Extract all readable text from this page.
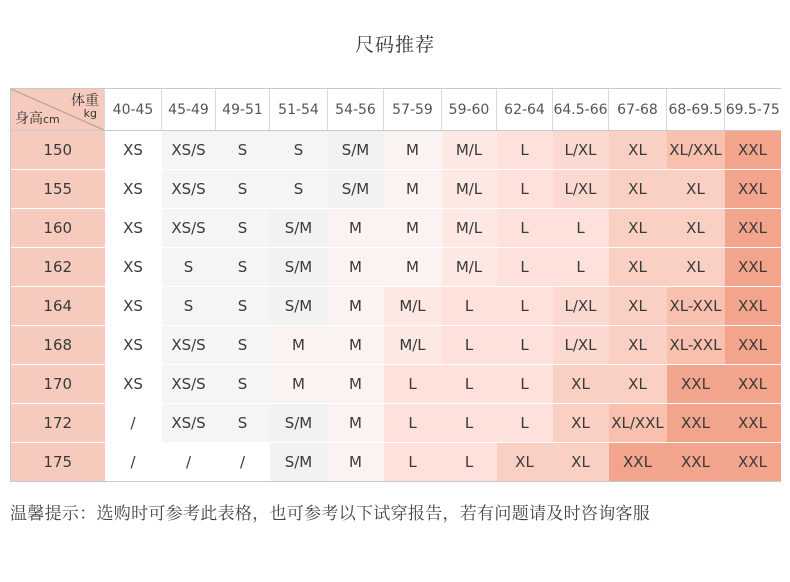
尺码推荐
体重
kg
身高cm	40-45	45-49	49-51	51-54	54-56	57-59	59-60	62-64	64.5-66	67-68	68-69.5	69.5-75
150	XS	XS/S	S	S	S/M	M	M/L	L	L/XL	XL	XL/XXL	XXL
155	XS	XS/S	S	S	S/M	M	M/L	L	L/XL	XL	XL	XXL
160	XS	XS/S	S	S/M	M	M	M/L	L	L	XL	XL	XXL
162	XS	S	S	S/M	M	M	M/L	L	L	XL	XL	XXL
164	XS	S	S	S/M	M	M/L	L	L	L/XL	XL	XL-XXL	XXL
168	XS	XS/S	S	M	M	M/L	L	L	L/XL	XL	XL-XXL	XXL
170	XS	XS/S	S	M	M	L	L	L	XL	XL	XXL	XXL
172	/	XS/S	S	S/M	M	L	L	L	XL	XL/XXL	XXL	XXL
175	/	/	/	S/M	M	L	L	XL	XL	XXL	XXL	XXL
温馨提示：选购时可参考此表格，也可参考以下试穿报告，若有问题请及时咨询客服
